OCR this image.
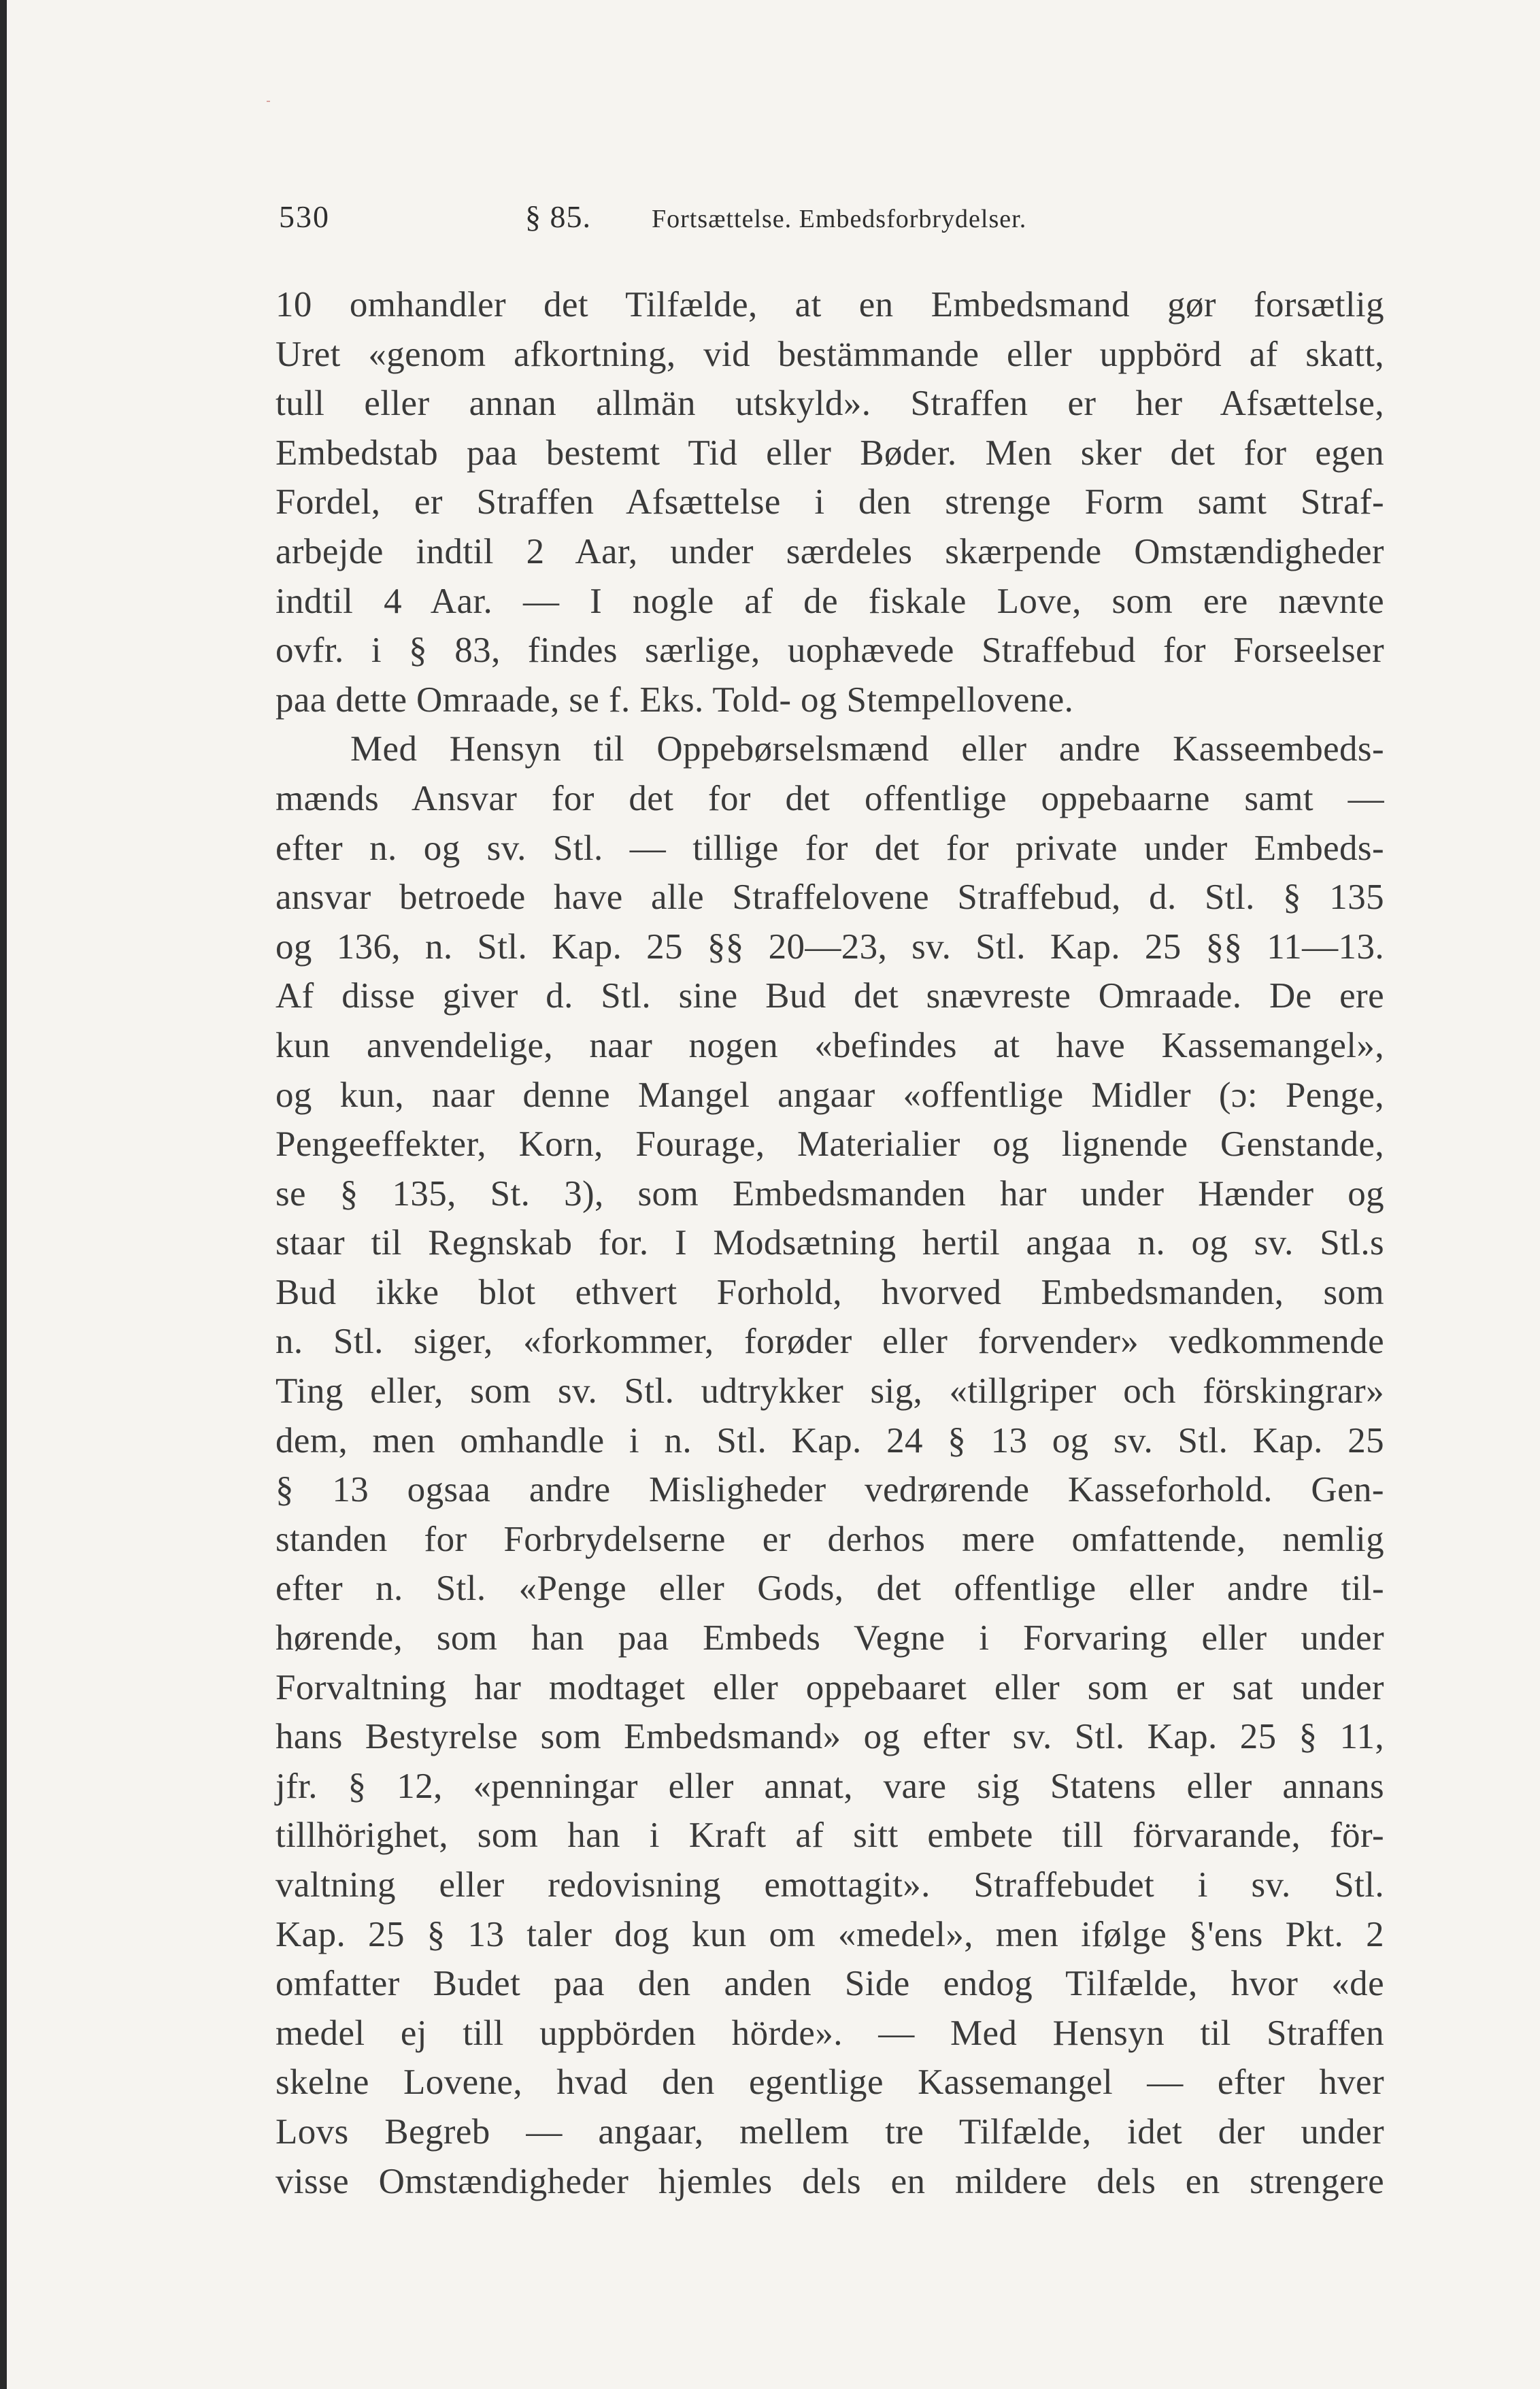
530	§ 85. Fortsættelse. Embedsforbrydelser.

10 omhandler det Tilfælde, at en Embedsmand gør forsætlig
Uret «genom afkortning, vid bestämmande eller uppbörd af skatt,
tull eller annan allmän utskyld». Straffen er her Afsættelse,
Embedstab paa bestemt Tid eller Bøder. Men sker det for egen
Fordel, er Straffen Afsættelse i den strenge Form samt Straf-
arbejde indtil 2 Aar, under særdeles skærpende Omstændigheder
indtil 4 Aar. — I nogle af de fiskale Love, som ere nævnte
ovfr. i § 83, findes særlige, uophævede Straffebud for Forseelser
paa dette Omraade, se f. Eks. Told- og Stempellovene.

Med Hensyn til Oppebørselsmænd eller andre Kasseembeds-
mænds Ansvar for det for det offentlige oppebaarne samt —
efter n. og sv. Stl. — tillige for det for private under Embeds-
ansvar betroede have alle Straffelovene Straffebud, d. Stl. § 135
og 136, n. Stl. Kap. 25 §§ 20—23, sv. Stl. Kap. 25 §§ 11—13.
Af disse giver d. Stl. sine Bud det snævreste Omraade. De ere
kun anvendelige, naar nogen «befindes at have Kassemangel»,
og kun, naar denne Mangel angaar «offentlige Midler (ɔ: Penge,
Pengeeffekter, Korn, Fourage, Materialier og lignende Genstande,
se § 135, St. 3), som Embedsmanden har under Hænder og
staar til Regnskab for. I Modsætning hertil angaa n. og sv. Stl.s
Bud ikke blot ethvert Forhold, hvorved Embedsmanden, som
n. Stl. siger, «forkommer, forøder eller forvender» vedkommende
Ting eller, som sv. Stl. udtrykker sig, «tillgriper och förskingrar»
dem, men omhandle i n. Stl. Kap. 24 § 13 og sv. Stl. Kap. 25
§ 13 ogsaa andre Misligheder vedrørende Kasseforhold. Gen-
standen for Forbrydelserne er derhos mere omfattende, nemlig
efter n. Stl. «Penge eller Gods, det offentlige eller andre til-
hørende, som han paa Embeds Vegne i Forvaring eller under
Forvaltning har modtaget eller oppebaaret eller som er sat under
hans Bestyrelse som Embedsmand» og efter sv. Stl. Kap. 25 § 11,
jfr. § 12, «penningar eller annat, vare sig Statens eller annans
tillhörighet, som han i Kraft af sitt embete till förvarande, för-
valtning eller redovisning emottagit». Straffebudet i sv. Stl.
Kap. 25 § 13 taler dog kun om «medel», men ifølge §'ens Pkt. 2
omfatter Budet paa den anden Side endog Tilfælde, hvor «de
medel ej till uppbörden hörde». — Med Hensyn til Straffen
skelne Lovene, hvad den egentlige Kassemangel — efter hver
Lovs Begreb — angaar, mellem tre Tilfælde, idet der under
visse Omstændigheder hjemles dels en mildere dels en strengere
